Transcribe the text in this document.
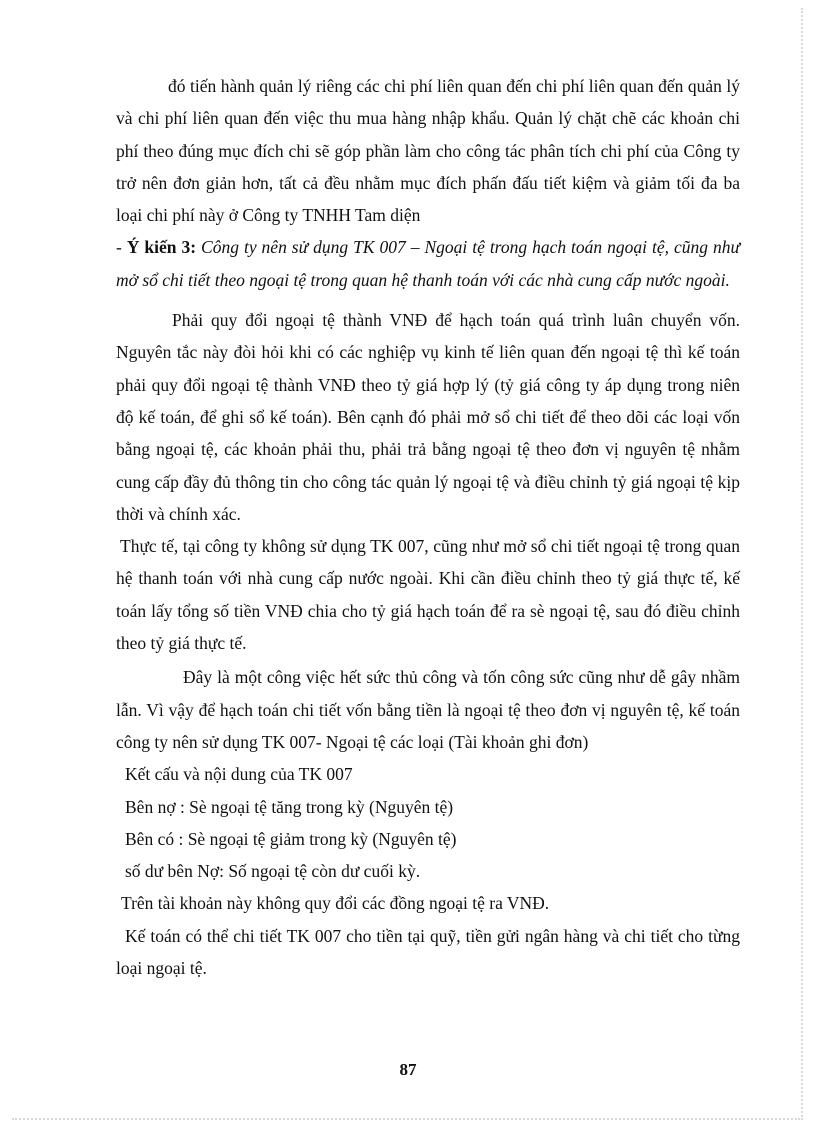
đó tiến hành quản lý riêng các chi phí liên quan đến chi phí liên quan đến quản lý và chi phí liên quan đến việc thu mua hàng nhập khẩu. Quản lý chặt chẽ các khoản chi phí theo đúng mục đích chi sẽ góp phần làm cho công tác phân tích chi phí của Công ty trở nên đơn giản hơn, tất cả đều nhằm mục đích phấn đấu tiết kiệm và giảm tối đa ba loại chi phí này ở Công ty TNHH Tam diện

- Ý kiến 3: Công ty nên sử dụng TK 007 – Ngoại tệ trong hạch toán ngoại tệ, cũng như mở sổ chi tiết theo ngoại tệ trong quan hệ thanh toán với các nhà cung cấp nước ngoài.

Phải quy đổi ngoại tệ thành VNĐ để hạch toán quá trình luân chuyển vốn. Nguyên tắc này đòi hỏi khi có các nghiệp vụ kinh tế liên quan đến ngoại tệ thì kế toán phải quy đổi ngoại tệ thành VNĐ theo tỷ giá hợp lý (tỷ giá công ty áp dụng trong niên độ kế toán, để ghi sổ kế toán). Bên cạnh đó phải mở sổ chi tiết để theo dõi các loại vốn bằng ngoại tệ, các khoản phải thu, phải trả bằng ngoại tệ theo đơn vị nguyên tệ nhằm cung cấp đầy đủ thông tin cho công tác quản lý ngoại tệ và điều chỉnh tỷ giá ngoại tệ kịp thời và chính xác.

Thực tế, tại công ty không sử dụng TK 007, cũng như mở sổ chi tiết ngoại tệ trong quan hệ thanh toán với nhà cung cấp nước ngoài. Khi cần điều chỉnh theo tỷ giá thực tế, kế toán lấy tổng số tiền VNĐ chia cho tỷ giá hạch toán để ra sè ngoại tệ, sau đó điều chỉnh theo tỷ giá thực tế.

Đây là một công việc hết sức thủ công và tốn công sức cũng như dễ gây nhầm lẫn. Vì vậy để hạch toán chi tiết vốn bằng tiền là ngoại tệ theo đơn vị nguyên tệ, kế toán công ty nên sử dụng TK 007- Ngoại tệ các loại (Tài khoản ghi đơn)

Kết cấu và nội dung của TK 007

Bên nợ : Sè ngoại tệ tăng trong kỳ (Nguyên tệ)

Bên có : Sè ngoại tệ giảm trong kỳ (Nguyên tệ)

số dư bên Nợ: Số ngoại tệ còn dư cuối kỳ.

Trên tài khoản này không quy đổi các đồng ngoại tệ ra VNĐ.

Kế toán có thể chi tiết TK 007 cho tiền tại quỹ, tiền gửi ngân hàng và chi tiết cho từng loại ngoại tệ.

87
